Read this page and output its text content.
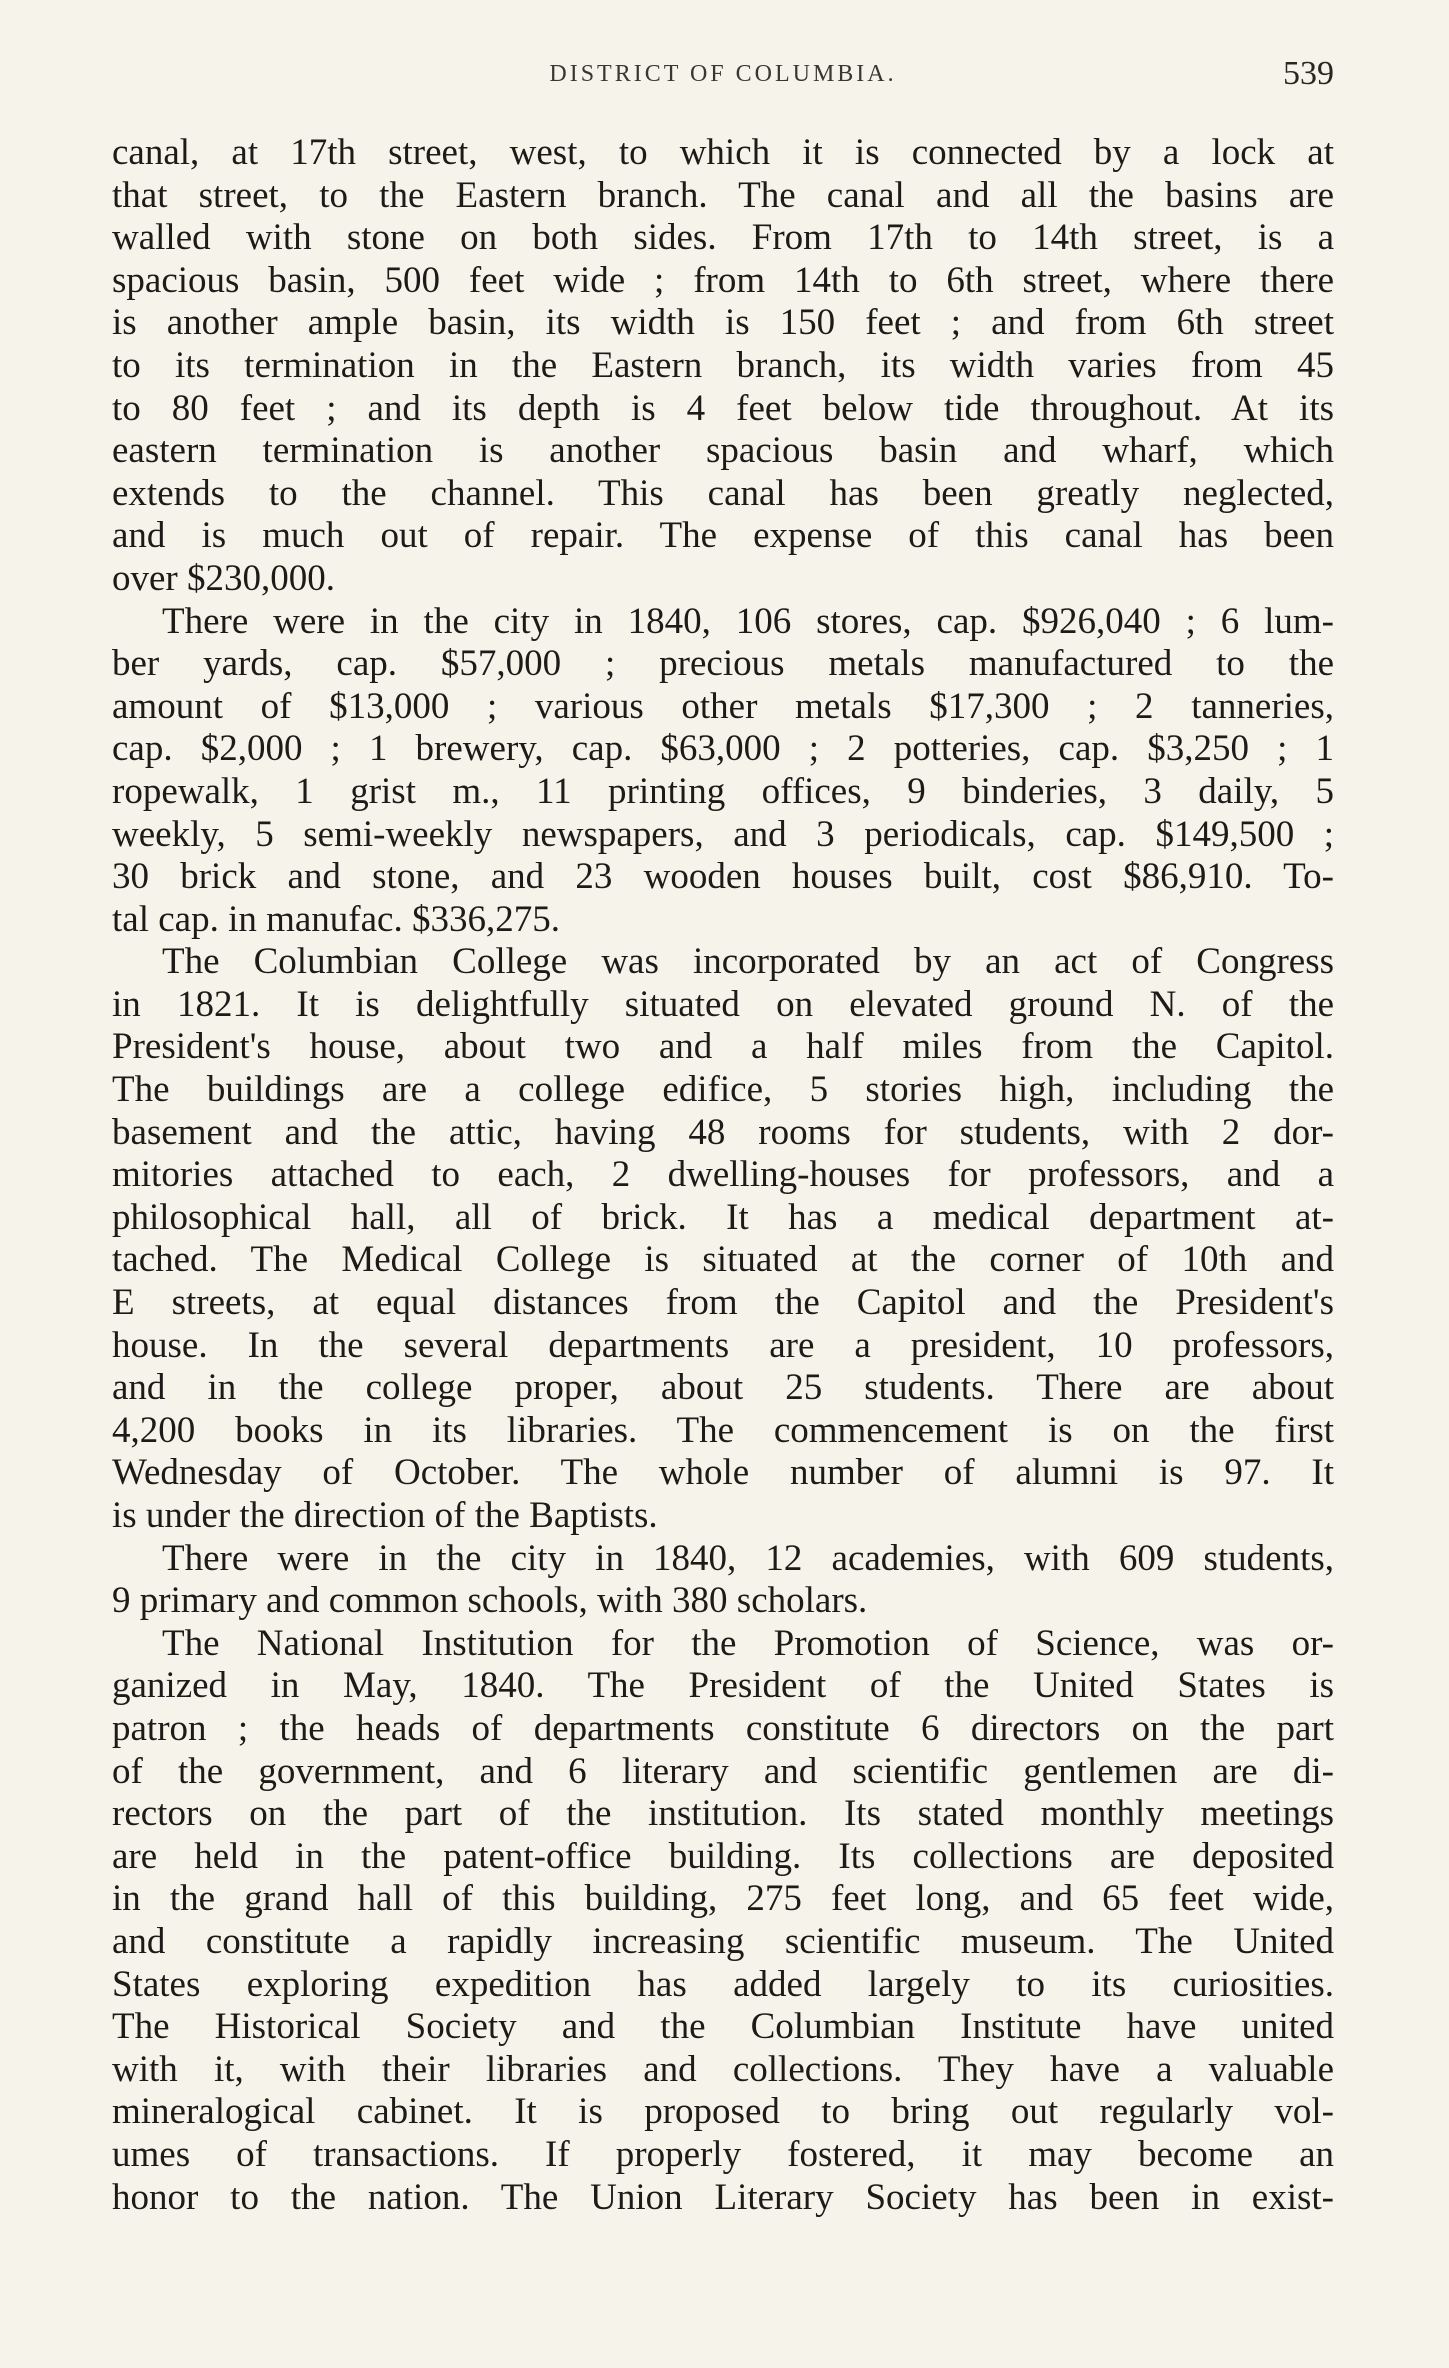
DISTRICT OF COLUMBIA.	539
canal, at 17th street, west, to which it is connected by a lock at
that street, to the Eastern branch. The canal and all the basins are
walled with stone on both sides. From 17th to 14th street, is a
spacious basin, 500 feet wide ; from 14th to 6th street, where there
is another ample basin, its width is 150 feet ; and from 6th street
to its termination in the Eastern branch, its width varies from 45
to 80 feet ; and its depth is 4 feet below tide throughout. At its
eastern termination is another spacious basin and wharf, which
extends to the channel. This canal has been greatly neglected,
and is much out of repair. The expense of this canal has been
over $230,000.
There were in the city in 1840, 106 stores, cap. $926,040 ; 6 lum-
ber yards, cap. $57,000 ; precious metals manufactured to the
amount of $13,000 ; various other metals $17,300 ; 2 tanneries,
cap. $2,000 ; 1 brewery, cap. $63,000 ; 2 potteries, cap. $3,250 ; 1
ropewalk, 1 grist m., 11 printing offices, 9 binderies, 3 daily, 5
weekly, 5 semi-weekly newspapers, and 3 periodicals, cap. $149,500 ;
30 brick and stone, and 23 wooden houses built, cost $86,910. To-
tal cap. in manufac. $336,275.
The Columbian College was incorporated by an act of Congress
in 1821. It is delightfully situated on elevated ground N. of the
President's house, about two and a half miles from the Capitol.
The buildings are a college edifice, 5 stories high, including the
basement and the attic, having 48 rooms for students, with 2 dor-
mitories attached to each, 2 dwelling-houses for professors, and a
philosophical hall, all of brick. It has a medical department at-
tached. The Medical College is situated at the corner of 10th and
E streets, at equal distances from the Capitol and the President's
house. In the several departments are a president, 10 professors,
and in the college proper, about 25 students. There are about
4,200 books in its libraries. The commencement is on the first
Wednesday of October. The whole number of alumni is 97. It
is under the direction of the Baptists.
There were in the city in 1840, 12 academies, with 609 students,
9 primary and common schools, with 380 scholars.
The National Institution for the Promotion of Science, was or-
ganized in May, 1840. The President of the United States is
patron ; the heads of departments constitute 6 directors on the part
of the government, and 6 literary and scientific gentlemen are di-
rectors on the part of the institution. Its stated monthly meetings
are held in the patent-office building. Its collections are deposited
in the grand hall of this building, 275 feet long, and 65 feet wide,
and constitute a rapidly increasing scientific museum. The United
States exploring expedition has added largely to its curiosities.
The Historical Society and the Columbian Institute have united
with it, with their libraries and collections. They have a valuable
mineralogical cabinet. It is proposed to bring out regularly vol-
umes of transactions. If properly fostered, it may become an
honor to the nation. The Union Literary Society has been in exist-
